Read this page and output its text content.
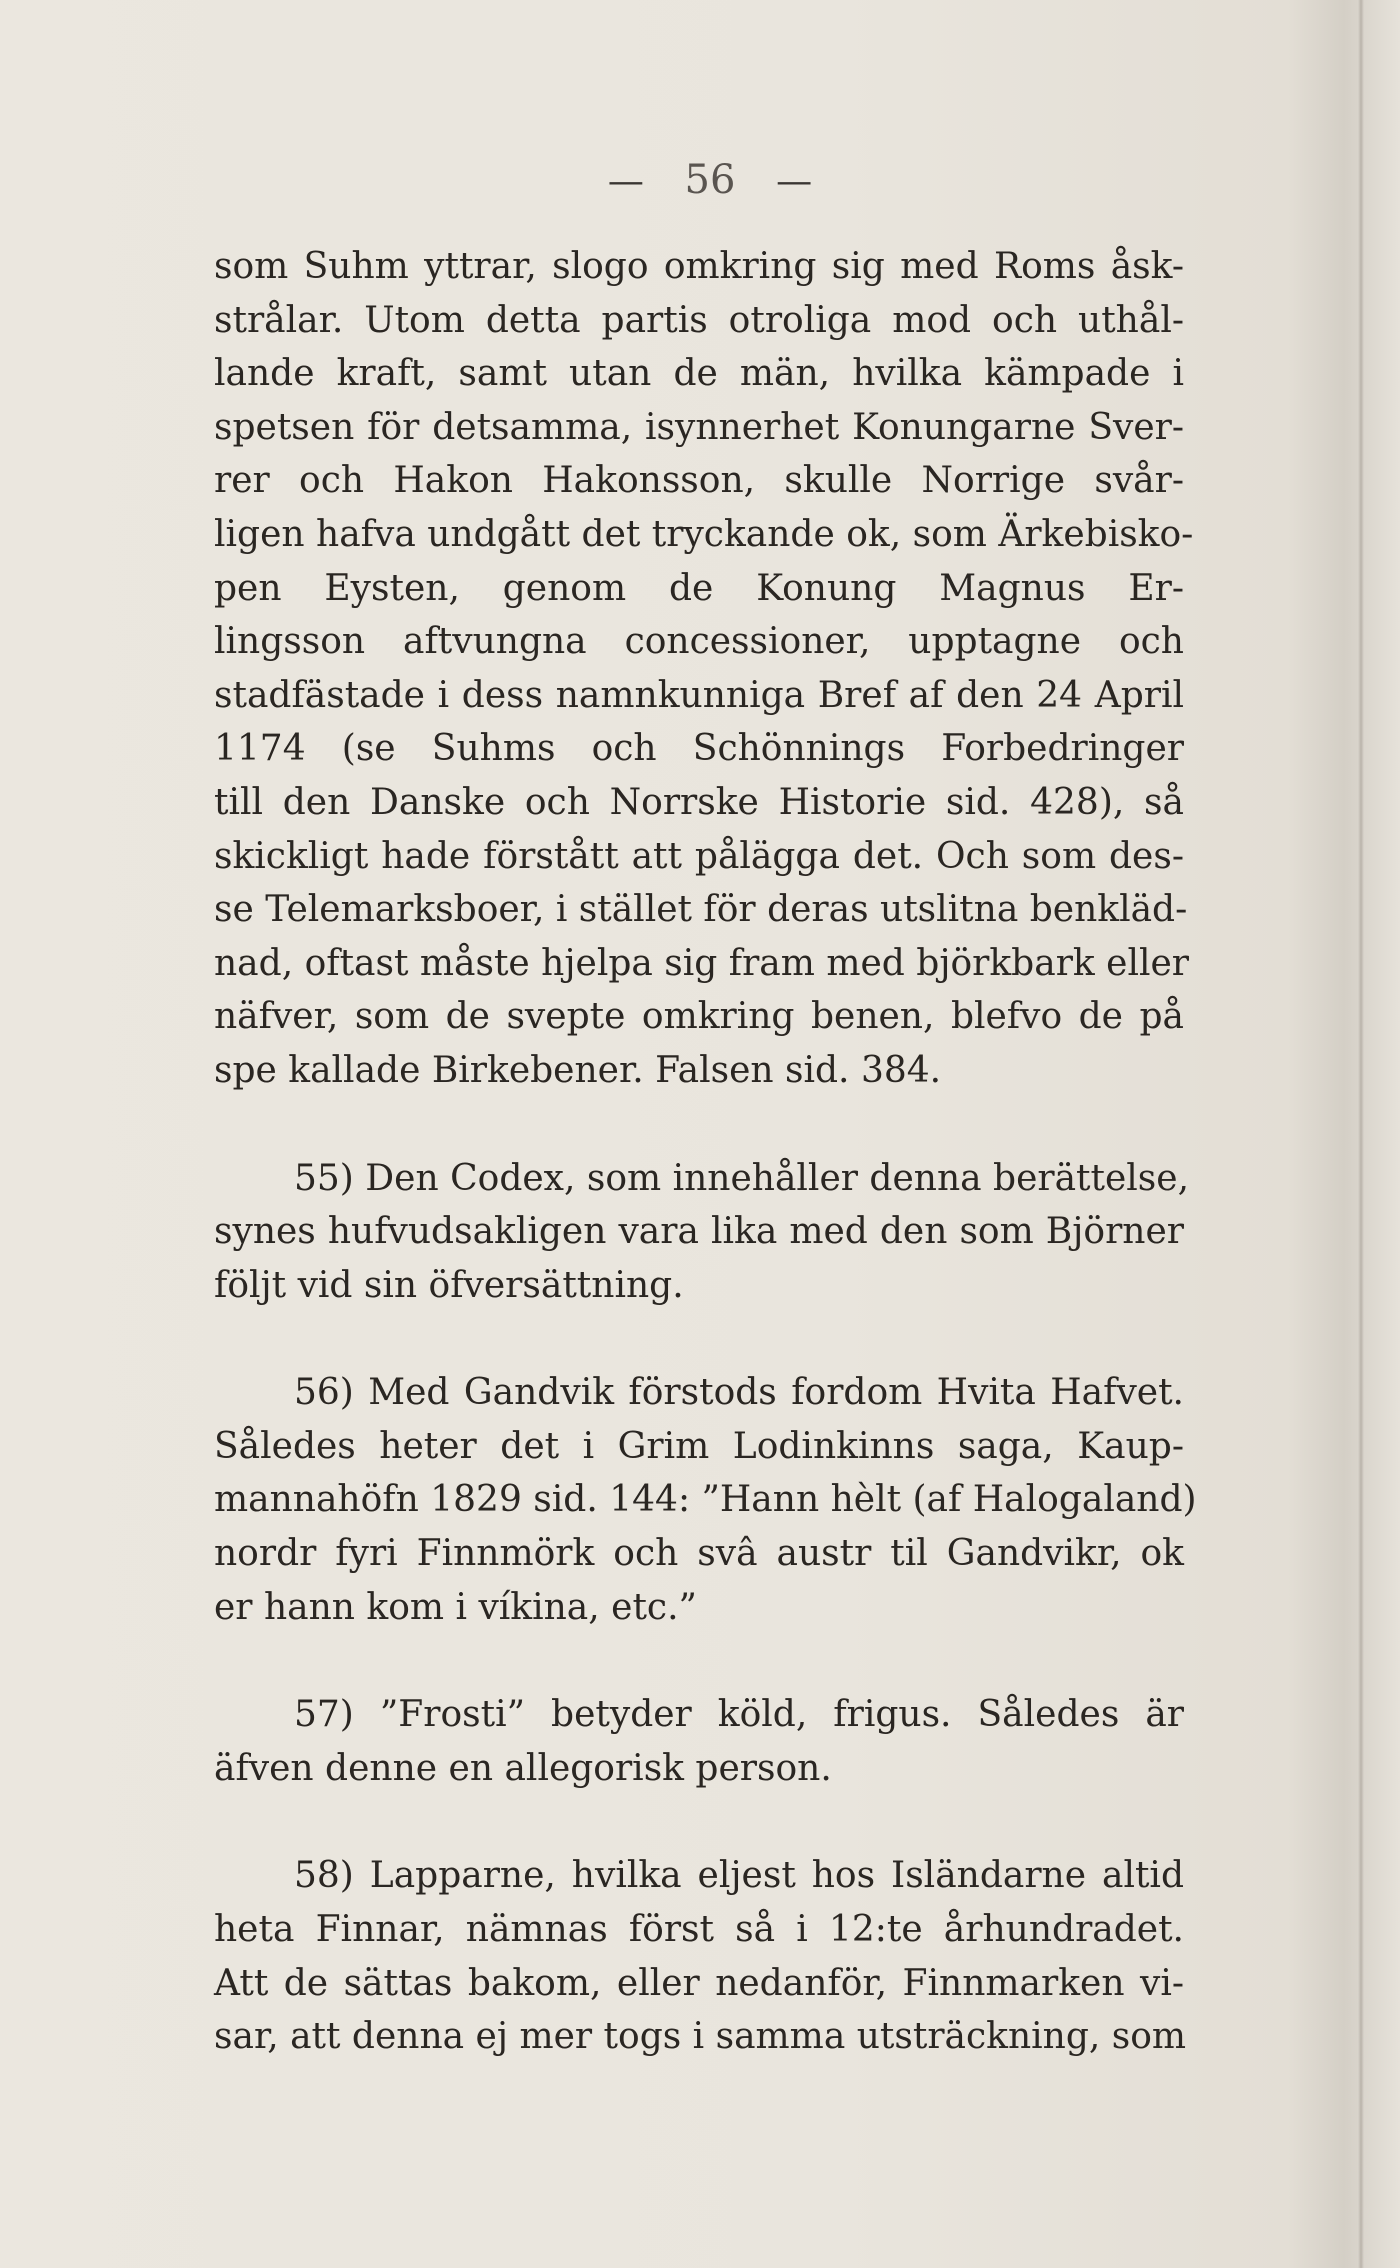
— 56 —
som Suhm yttrar, slogo omkring sig med Roms åsk-
strålar. Utom detta partis otroliga mod och uthål-
lande kraft, samt utan de män, hvilka kämpade i
spetsen för detsamma, isynnerhet Konungarne Sver-
rer och Hakon Hakonsson, skulle Norrige svår-
ligen hafva undgått det tryckande ok, som Ärkebisko-
pen Eysten, genom de Konung Magnus Er-
lingsson aftvungna concessioner, upptagne och
stadfästade i dess namnkunniga Bref af den 24 April
1174 (se Suhms och Schönnings Forbedringer
till den Danske och Norrske Historie sid. 428), så
skickligt hade förstått att pålägga det. Och som des-
se Telemarksboer, i stället för deras utslitna benkläd-
nad, oftast måste hjelpa sig fram med björkbark eller
näfver, som de svepte omkring benen, blefvo de på
spe kallade Birkebener. Falsen sid. 384.
55) Den Codex, som innehåller denna berättelse,
synes hufvudsakligen vara lika med den som Björner
följt vid sin öfversättning.
56) Med Gandvik förstods fordom Hvita Hafvet.
Således heter det i Grim Lodinkinns saga, Kaup-
mannahöfn 1829 sid. 144: ”Hann hèlt (af Halogaland)
nordr fyri Finnmörk och svâ austr til Gandvikr, ok
er hann kom i víkina, etc.”
57) ”Frosti” betyder köld, frigus. Således är
äfven denne en allegorisk person.
58) Lapparne, hvilka eljest hos Isländarne altid
heta Finnar, nämnas först så i 12:te århundradet.
Att de sättas bakom, eller nedanför, Finnmarken vi-
sar, att denna ej mer togs i samma utsträckning, som
